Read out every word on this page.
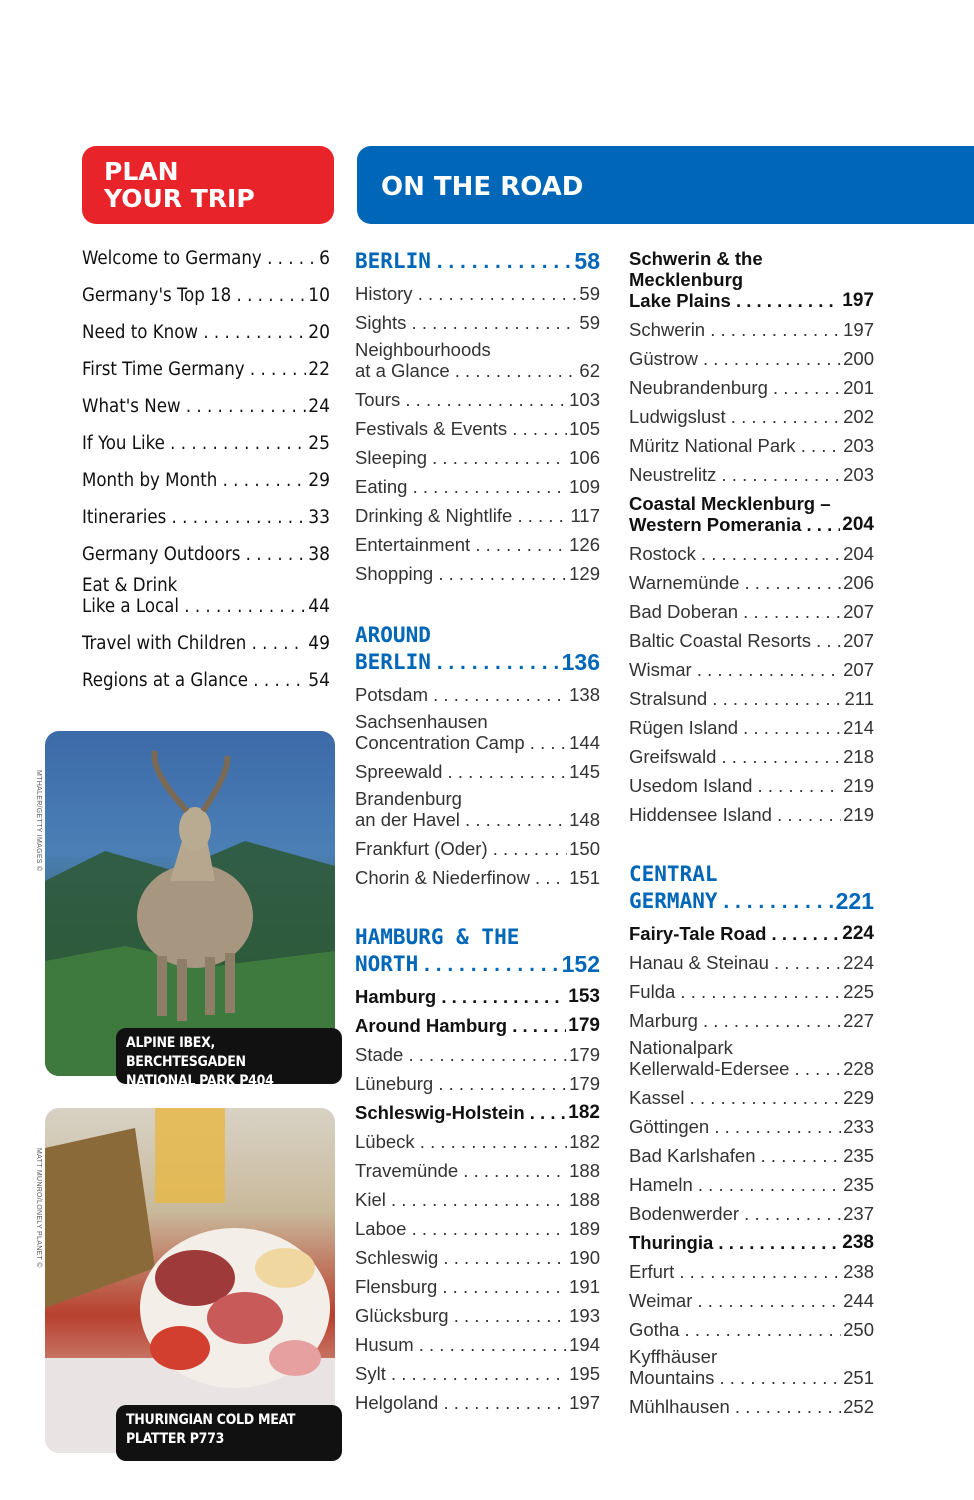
PLAN
YOUR TRIP	ON THE ROAD
Welcome to Germany . . .	6
Germany's Top 18 . . .	10
Need to Know . . .	20
First Time Germany . . .	22
What's New . . .	24
If You Like . . .	25
Month by Month . . .	29
Itineraries . . .	33
Germany Outdoors . . .	38
Eat & Drink
Like a Local . . .	44
Travel with Children . . .	49
Regions at a Glance . . .	54
ALPINE IBEX, BERCHTESGADEN
NATIONAL PARK P404
MTHALER/GETTY IMAGES ©
THURINGIAN COLD MEAT
PLATTER P773
MATT MUNRO/LONELY PLANET ©
BERLIN . . .	58
History . . .	59
Sights . . .	59
Neighbourhoods
at a Glance . . .	62
Tours . . .	103
Festivals & Events . . .	105
Sleeping . . .	106
Eating . . .	109
Drinking & Nightlife . . .	117
Entertainment . . .	126
Shopping . . .	129
AROUND
BERLIN . . .	136
Potsdam . . .	138
Sachsenhausen
Concentration Camp . . .	144
Spreewald . . .	145
Brandenburg
an der Havel . . .	148
Frankfurt (Oder) . . .	150
Chorin & Niederfinow . . .	151
HAMBURG & THE
NORTH . . .	152
Hamburg . . .	153
Around Hamburg . . .	179
Stade . . .	179
Lüneburg . . .	179
Schleswig-Holstein . . .	182
Lübeck . . .	182
Travemünde . . .	188
Kiel . . .	188
Laboe . . .	189
Schleswig . . .	190
Flensburg . . .	191
Glücksburg . . .	193
Husum . . .	194
Sylt . . .	195
Helgoland . . .	197
Schwerin & the
Mecklenburg
Lake Plains . . .	197
Schwerin . . .	197
Güstrow . . .	200
Neubrandenburg . . .	201
Ludwigslust . . .	202
Müritz National Park . . .	203
Neustrelitz . . .	203
Coastal Mecklenburg –
Western Pomerania . . .	204
Rostock . . .	204
Warnemünde . . .	206
Bad Doberan . . .	207
Baltic Coastal Resorts . . .	207
Wismar . . .	207
Stralsund . . .	211
Rügen Island . . .	214
Greifswald . . .	218
Usedom Island . . .	219
Hiddensee Island . . .	219
CENTRAL
GERMANY . . .	221
Fairy-Tale Road . . .	224
Hanau & Steinau . . .	224
Fulda . . .	225
Marburg . . .	227
Nationalpark
Kellerwald-Edersee . . .	228
Kassel . . .	229
Göttingen . . .	233
Bad Karlshafen . . .	235
Hameln . . .	235
Bodenwerder . . .	237
Thuringia . . .	238
Erfurt . . .	238
Weimar . . .	244
Gotha . . .	250
Kyffhäuser
Mountains . . .	251
Mühlhausen . . .	252
